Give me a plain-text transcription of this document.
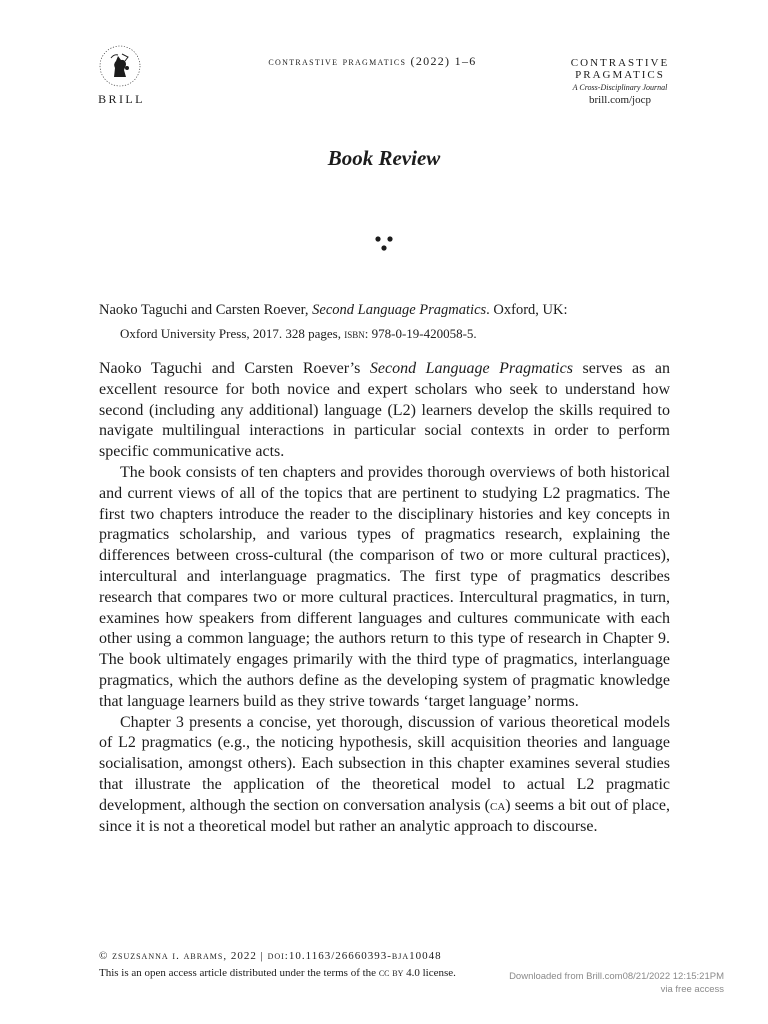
BRILL
contrastive pragmatics (2022) 1–6	CONTRASTIVE
PRAGMATICS
A Cross-Disciplinary Journal
brill.com/jocp
Book Review
Naoko Taguchi and Carsten Roever, Second Language Pragmatics. Oxford, UK:
Oxford University Press, 2017. 328 pages, isbn: 978-0-19-420058-5.

Naoko Taguchi and Carsten Roever’s Second Language Pragmatics serves as an excellent resource for both novice and expert scholars who seek to understand how second (including any additional) language (L2) learners develop the skills required to navigate multilingual interactions in particular social contexts in order to perform specific communicative acts.

The book consists of ten chapters and provides thorough overviews of both historical and current views of all of the topics that are pertinent to studying L2 pragmatics. The first two chapters introduce the reader to the disciplinary histories and key concepts in pragmatics scholarship, and various types of pragmatics research, explaining the differences between cross-cultural (the comparison of two or more cultural practices), intercultural and interlanguage pragmatics. The first type of pragmatics describes research that compares two or more cultural practices. Intercultural pragmatics, in turn, examines how speakers from different languages and cultures communicate with each other using a common language; the authors return to this type of research in Chapter 9. The book ultimately engages primarily with the third type of pragmatics, interlanguage pragmatics, which the authors define as the developing system of pragmatic knowledge that language learners build as they strive towards ‘target language’ norms.

Chapter 3 presents a concise, yet thorough, discussion of various theoretical models of L2 pragmatics (e.g., the noticing hypothesis, skill acquisition theories and language socialisation, amongst others). Each subsection in this chapter examines several studies that illustrate the application of the theoretical model to actual L2 pragmatic development, although the section on conversation analysis (ca) seems a bit out of place, since it is not a theoretical model but rather an analytic approach to discourse.

© zsuzsanna i. abrams, 2022 | doi:10.1163/26660393-bja10048
This is an open access article distributed under the terms of the cc by 4.0 license.	Downloaded from Brill.com08/21/2022 12:15:21PM
via free access
